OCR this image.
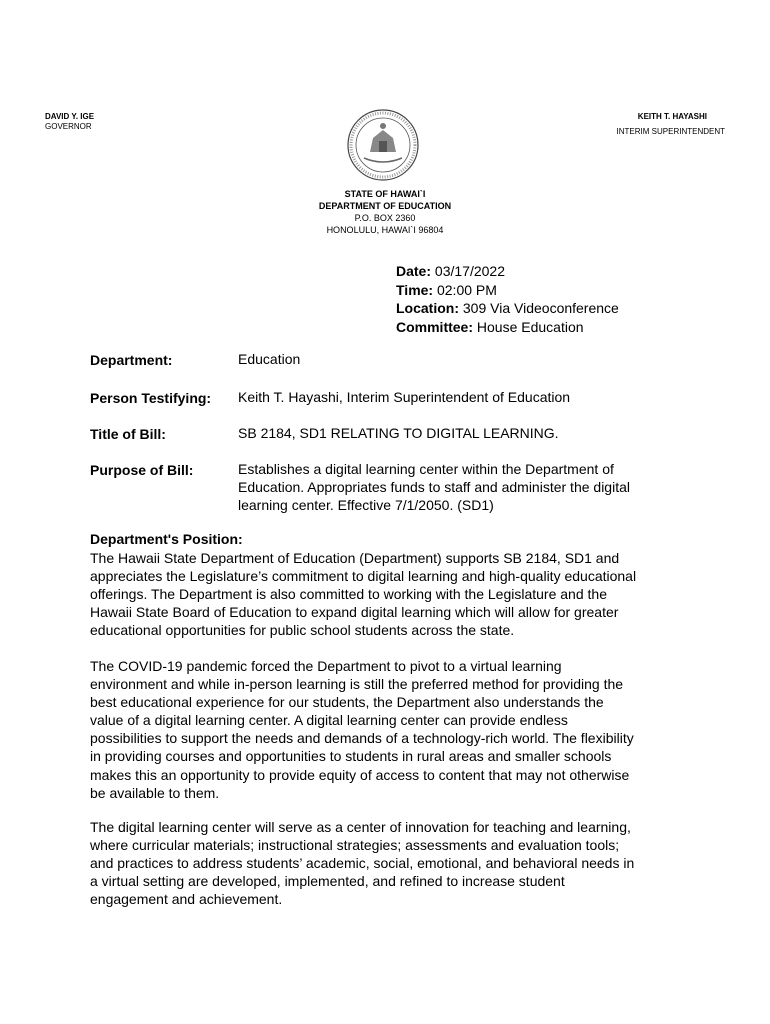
DAVID Y. IGE
GOVERNOR
KEITH T. HAYASHI
INTERIM SUPERINTENDENT
STATE OF HAWAI`I
DEPARTMENT OF EDUCATION
P.O. BOX 2360
HONOLULU, HAWAI`I 96804
Date: 03/17/2022
Time: 02:00 PM
Location: 309 Via Videoconference
Committee: House Education
Department:	Education
Person Testifying: Keith T. Hayashi, Interim Superintendent of Education
Title of Bill:	SB 2184, SD1 RELATING TO DIGITAL LEARNING.
Purpose of Bill:	Establishes a digital learning center within the Department of
Education. Appropriates funds to staff and administer the digital
learning center. Effective 7/1/2050. (SD1)
Department's Position:
The Hawaii State Department of Education (Department) supports SB 2184, SD1 and
appreciates the Legislature’s commitment to digital learning and high-quality educational
offerings. The Department is also committed to working with the Legislature and the
Hawaii State Board of Education to expand digital learning which will allow for greater
educational opportunities for public school students across the state.
The COVID-19 pandemic forced the Department to pivot to a virtual learning
environment and while in-person learning is still the preferred method for providing the
best educational experience for our students, the Department also understands the
value of a digital learning center. A digital learning center can provide endless
possibilities to support the needs and demands of a technology-rich world. The flexibility
in providing courses and opportunities to students in rural areas and smaller schools
makes this an opportunity to provide equity of access to content that may not otherwise
be available to them.
The digital learning center will serve as a center of innovation for teaching and learning,
where curricular materials; instructional strategies; assessments and evaluation tools;
and practices to address students’ academic, social, emotional, and behavioral needs in
a virtual setting are developed, implemented, and refined to increase student
engagement and achievement.
